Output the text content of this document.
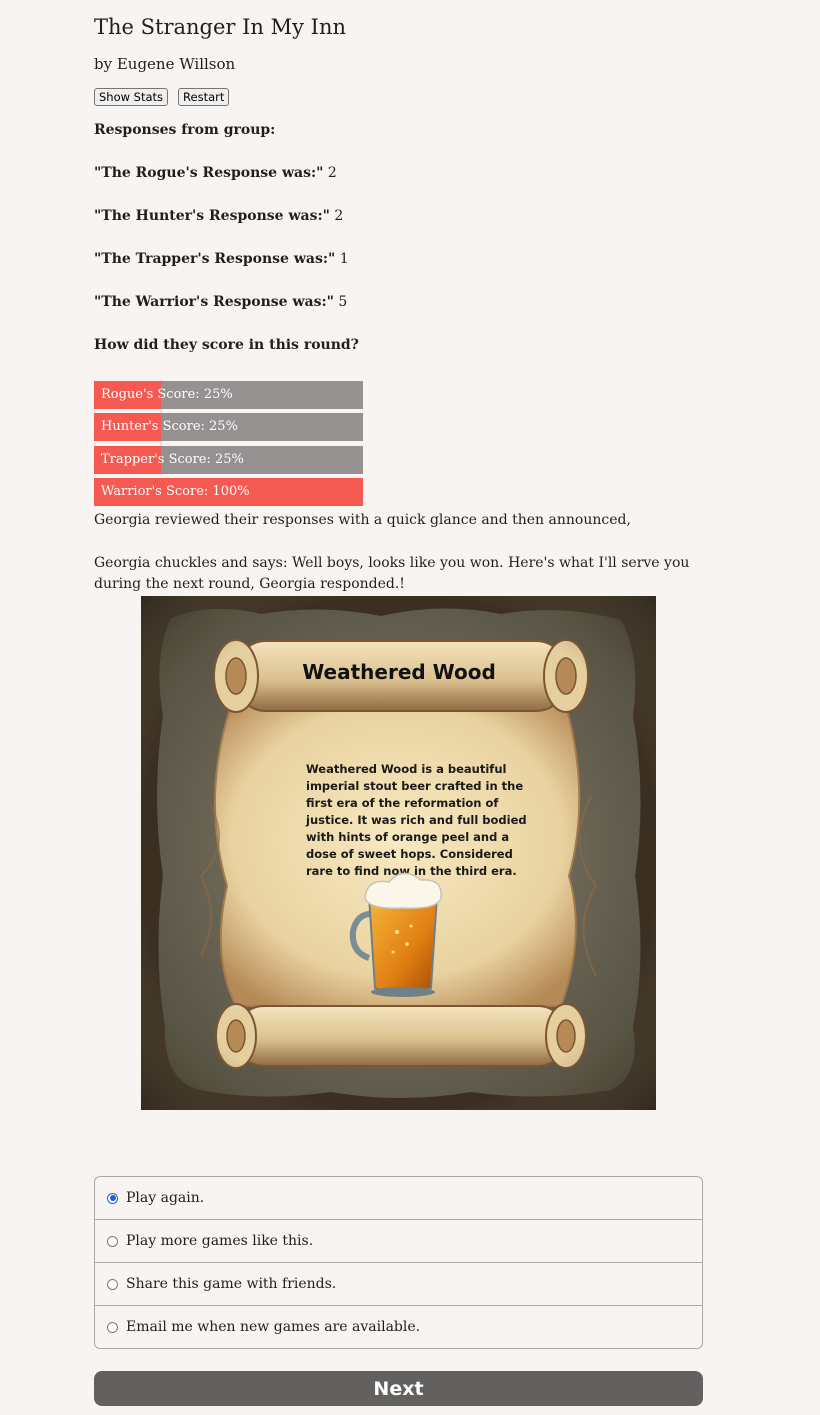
The Stranger In My Inn

by Eugene Willson

Show Stats	Restart
Responses from group:
"The Rogue's Response was:" 2
"The Hunter's Response was:" 2
"The Trapper's Response was:" 1
"The Warrior's Response was:" 5
How did they score in this round?
Rogue's Score: 25%
Hunter's Score: 25%
Trapper's Score: 25%
Warrior's Score: 100%
Georgia reviewed their responses with a quick glance and then announced,
Georgia chuckles and says: Well boys, looks like you won. Here's what I'll serve you during the next round, Georgia responded.!
Play again.
Play more games like this.
Share this game with friends.
Email me when new games are available.
Next
